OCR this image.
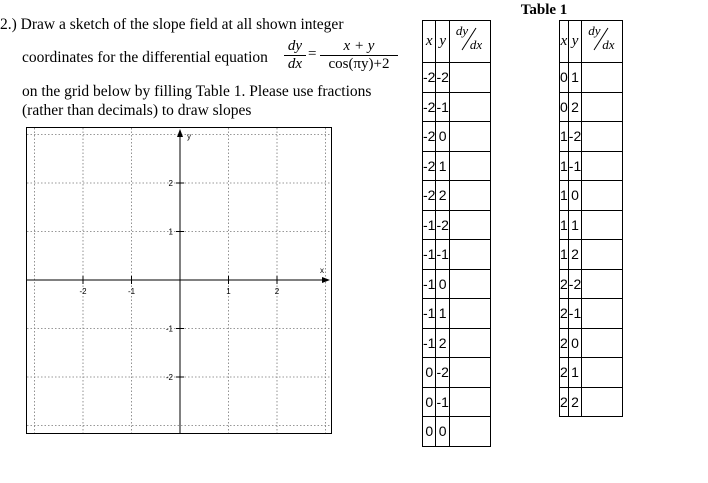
2.) Draw a sketch of the slope field at all shown integer
coordinates for the differential equation
dy
dx
=	x + y
cos(πy)+2
on the grid below by filling Table 1. Please use fractions
(rather than decimals) to draw slopes
-2	-1	1	2
2
1
-1
-2
x
y
Table 1
x	y	dy
dx

-2	-2	
-2	-1	
-2	0	
-2	1	
-2	2	
-1	-2	
-1	-1	
-1	0	
-1	1	
-1	2	
0	-2	
0	-1	
0	0	
x	y	dy
dx

0	1	
0	2	
1	-2	
1	-1	
1	0	
1	1	
1	2	
2	-2	
2	-1	
2	0	
2	1	
2	2	
